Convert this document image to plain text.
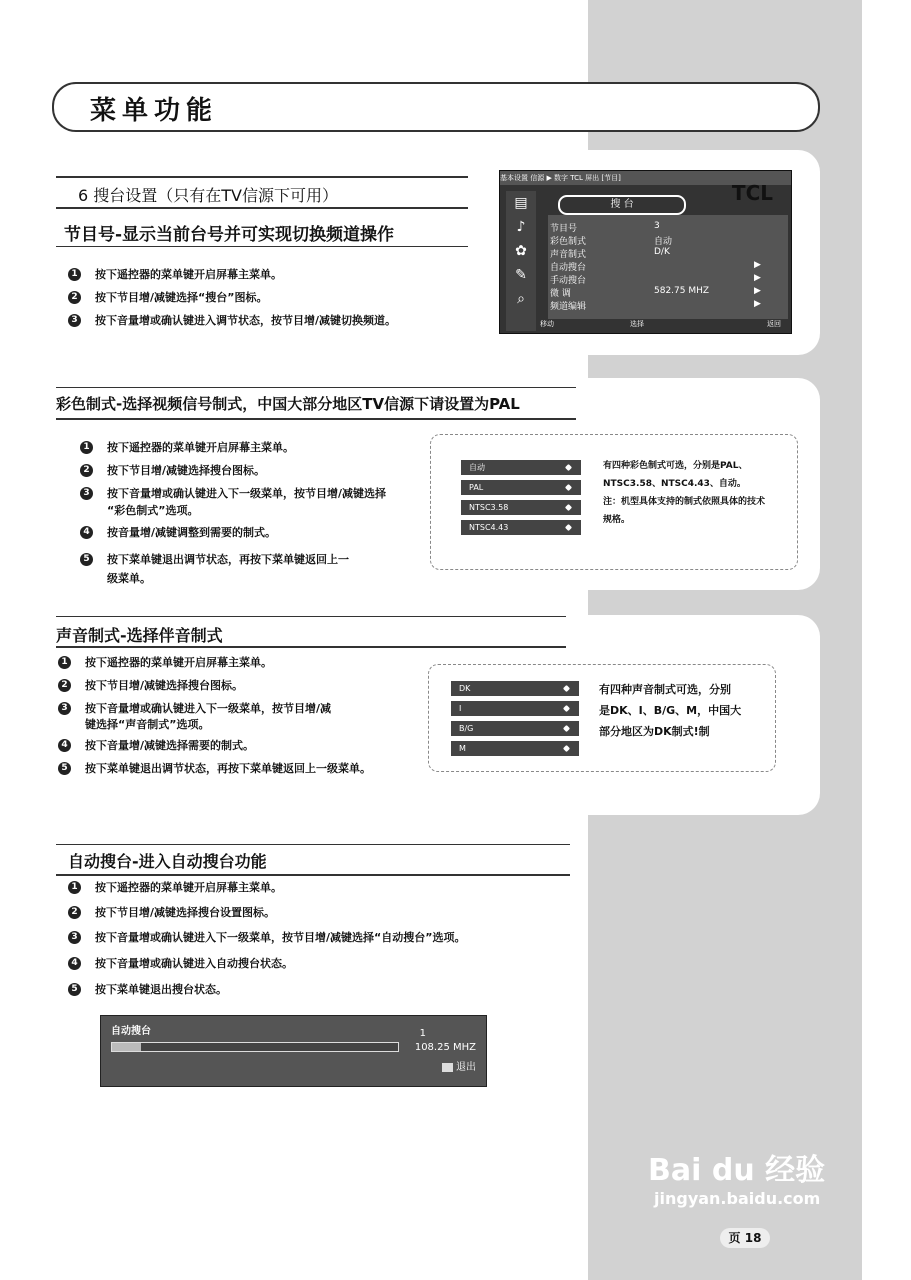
菜单功能
6 搜台设置（只有在TV信源下可用）
节目号-显示当前台号并可实现切换频道操作
1 按下遥控器的菜单键开启屏幕主菜单。
2 按下节目增/减键选择“搜台”图标。
3 按下音量增或确认键进入调节状态，按节目增/减键切换频道。
基本设置 信源 ▶ 数字 TCL 屏出 [节目]
▤
♪
✿
✎
⌕
搜 台	TCL
节目号	3
彩色制式	自动
声音制式	D/K
自动搜台	▶
手动搜台	▶
微 调	582.75 MHZ	▶
频道编辑	▶
移动	选择	返回
彩色制式-选择视频信号制式，中国大部分地区TV信源下请设置为PAL
1 按下遥控器的菜单键开启屏幕主菜单。
2 按下节目增/减键选择搜台图标。
3 按下音量增或确认键进入下一级菜单，按节目增/减键选择
“彩色制式”选项。
4 按音量增/减键调整到需要的制式。
5 按下菜单键退出调节状态，再按下菜单键返回上一
级菜单。
自动
PAL
NTSC3.58
NTSC4.43
有四种彩色制式可选，分别是PAL、
NTSC3.58、NTSC4.43、自动。
注：机型具体支持的制式依照具体的技术
规格。
声音制式-选择伴音制式
1 按下遥控器的菜单键开启屏幕主菜单。
2 按下节目增/减键选择搜台图标。
3 按下音量增或确认键进入下一级菜单，按节目增/减
键选择“声音制式”选项。
4 按下音量增/减键选择需要的制式。
5 按下菜单键退出调节状态，再按下菜单键返回上一级菜单。
DK
I
B/G
M
有四种声音制式可选，分别
是DK、I、B/G、M，中国大
部分地区为DK制式!制
自动搜台-进入自动搜台功能
1 按下遥控器的菜单键开启屏幕主菜单。
2 按下节目增/减键选择搜台设置图标。
3 按下音量增或确认键进入下一级菜单，按节目增/减键选择“自动搜台”选项。
4 按下音量增或确认键进入自动搜台状态。
5 按下菜单键退出搜台状态。
自动搜台	1
108.25 MHZ
退出
Bai du 经验
jingyan.baidu.com
页 18
